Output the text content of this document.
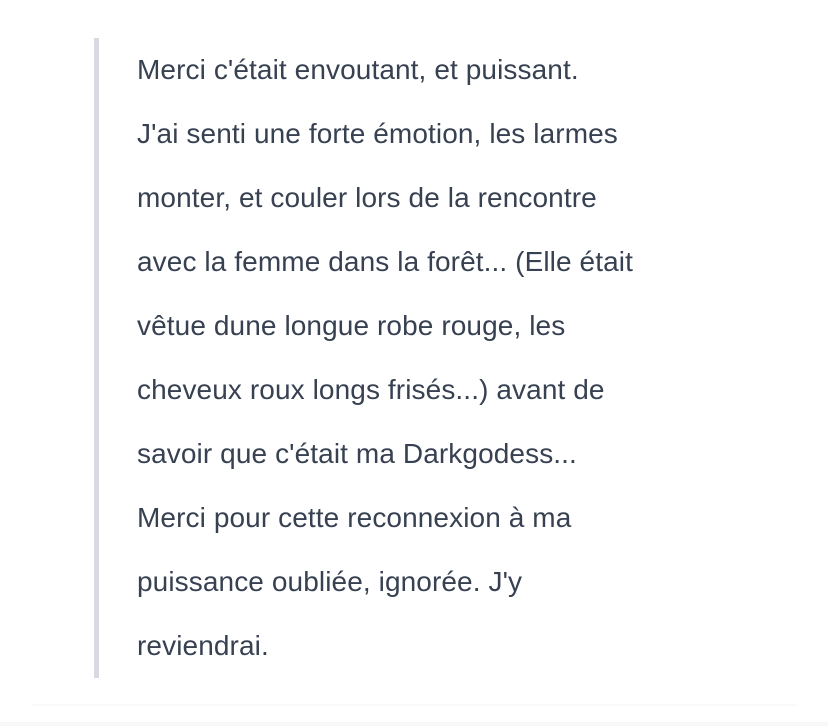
Merci c'était envoutant, et puissant.
J'ai senti une forte émotion, les larmes
monter, et couler lors de la rencontre
avec la femme dans la forêt... (Elle était
vêtue dune longue robe rouge, les
cheveux roux longs frisés...) avant de
savoir que c'était ma Darkgodess...
Merci pour cette reconnexion à ma
puissance oubliée, ignorée. J'y
reviendrai.
